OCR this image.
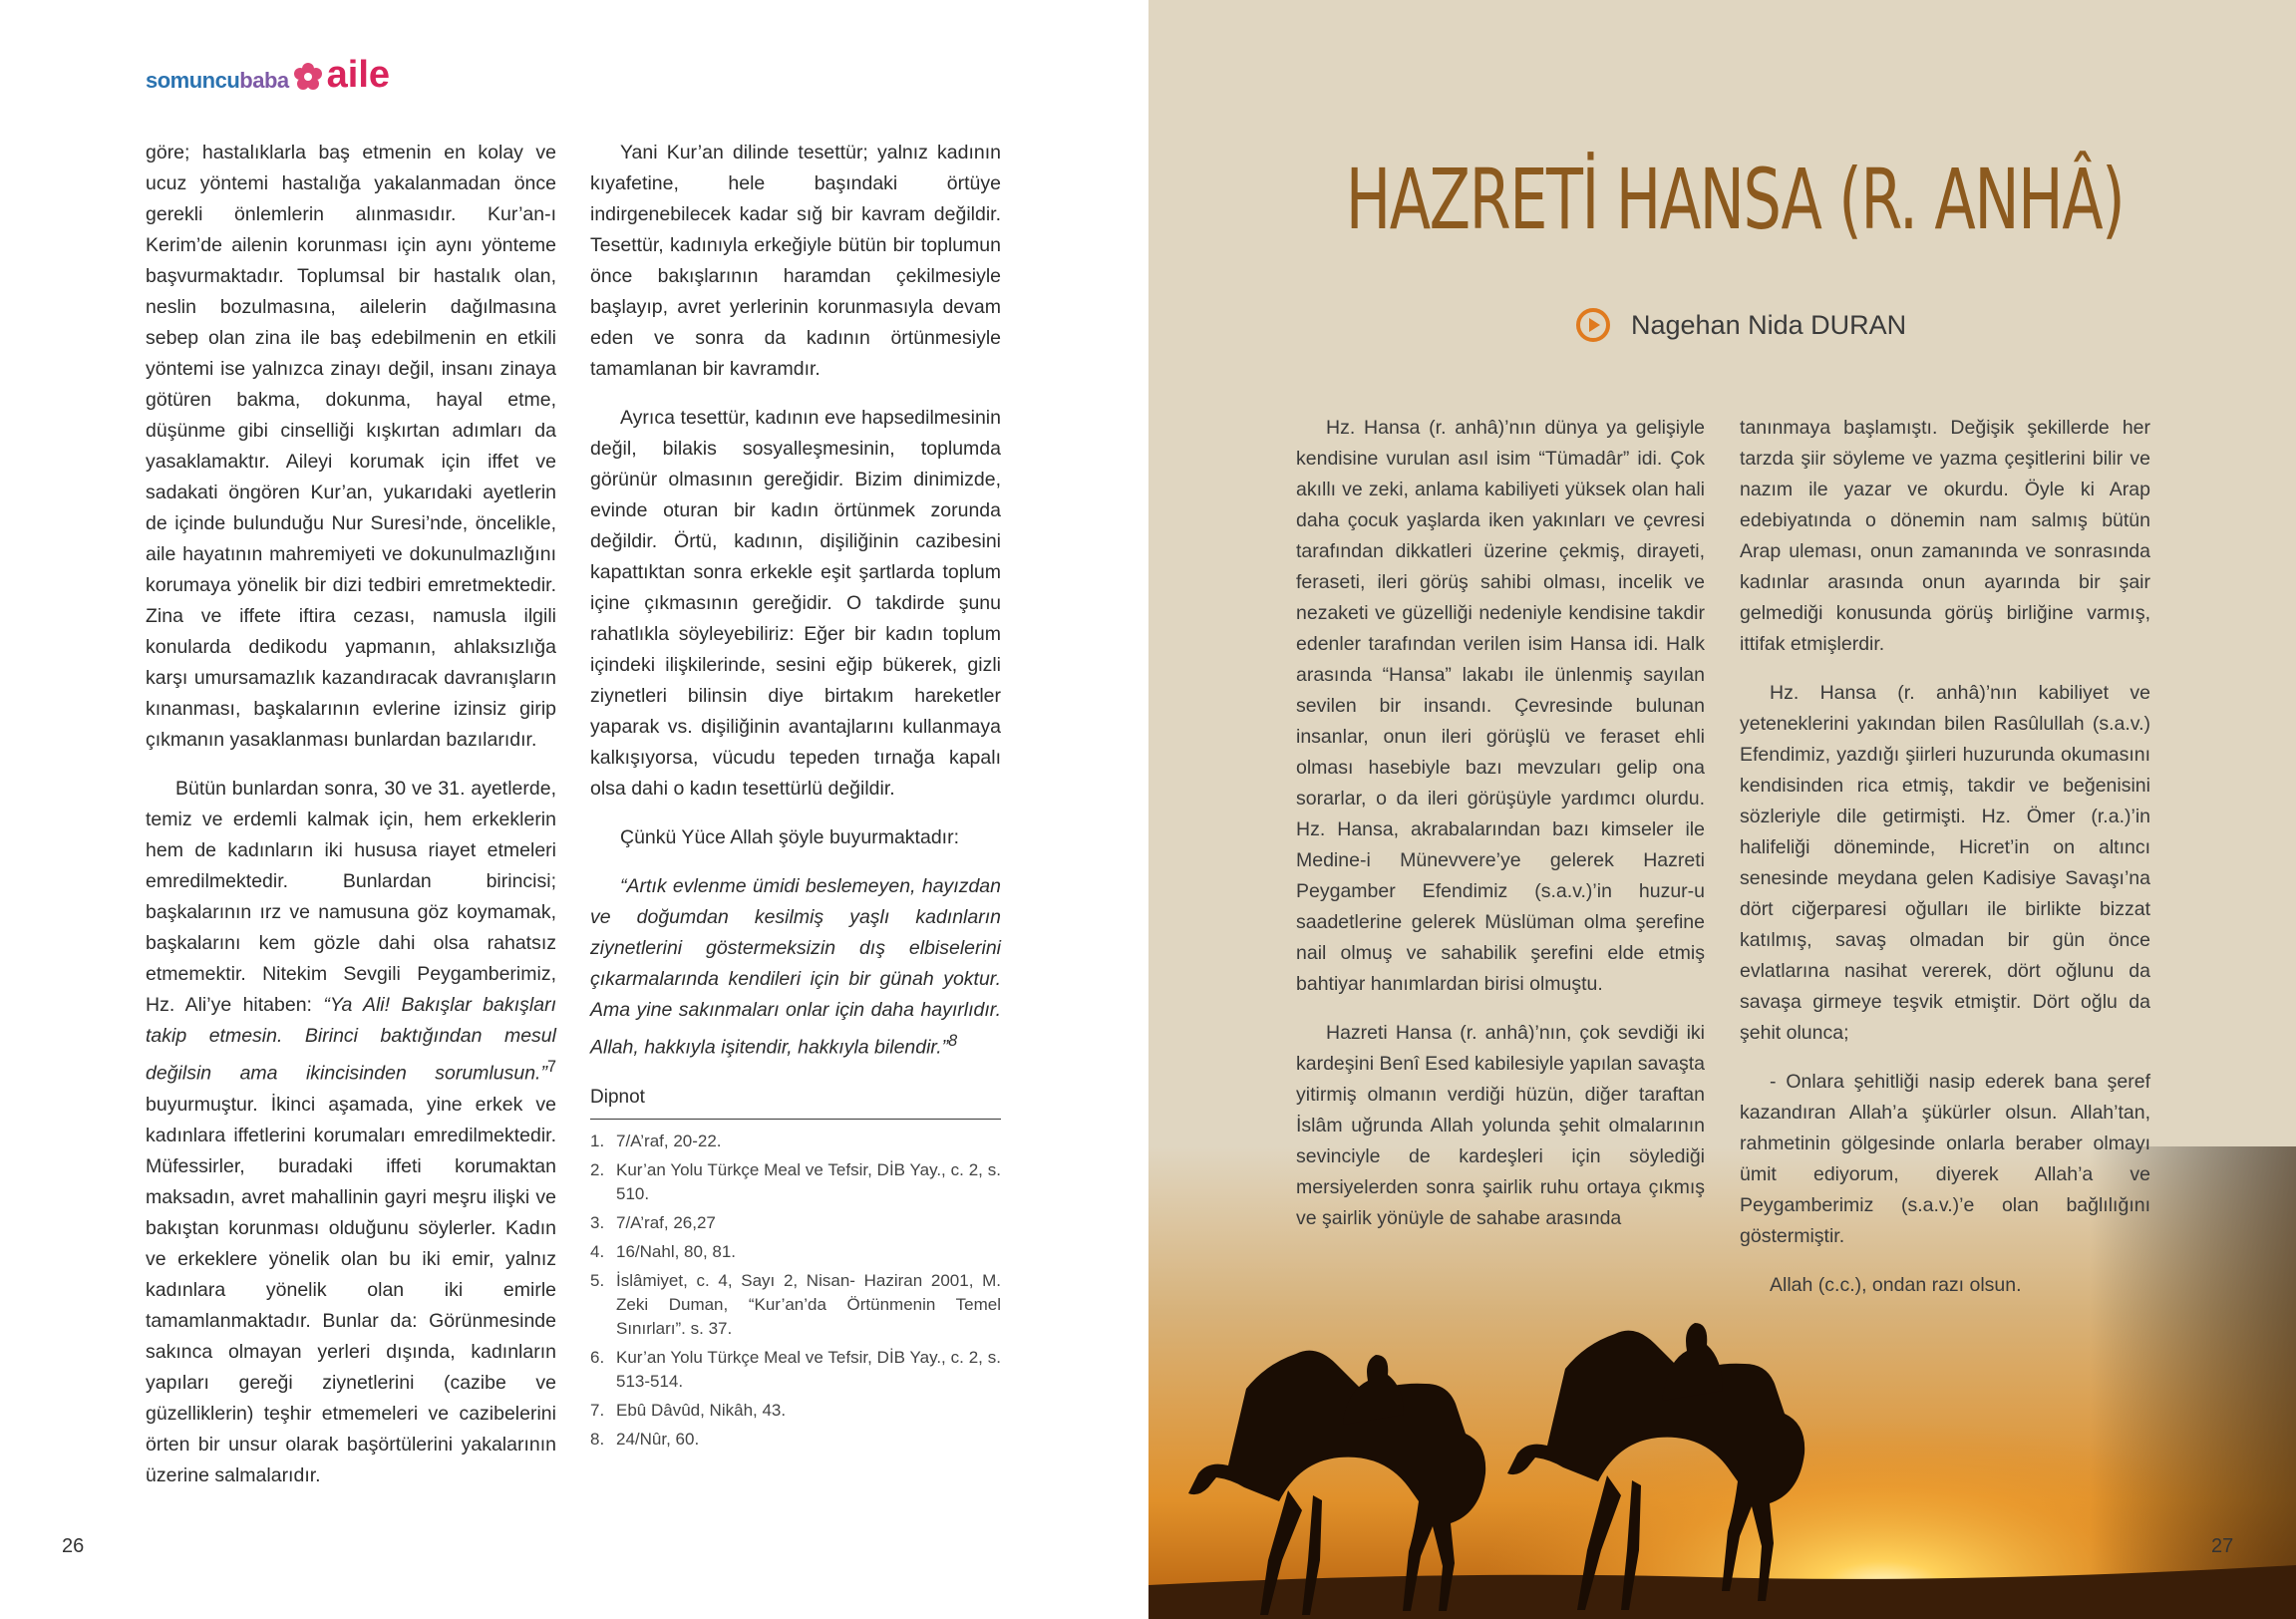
somuncubaba aile

göre; hastalıklarla baş etmenin en kolay ve ucuz yöntemi hastalığa yakalanmadan önce gerekli önlemlerin alınmasıdır. Kur’an-ı Kerim’de ailenin korunması için aynı yönteme başvurmaktadır. Toplumsal bir hastalık olan, neslin bozulmasına, ailelerin dağılmasına sebep olan zina ile baş edebilmenin en etkili yöntemi ise yalnızca zinayı değil, insanı zinaya götüren bakma, dokunma, hayal etme, düşünme gibi cinselliği kışkırtan adımları da yasaklamaktır. Aileyi korumak için iffet ve sadakati öngören Kur’an, yukarıdaki ayetlerin de içinde bulunduğu Nur Suresi’nde, öncelikle, aile hayatının mahremiyeti ve dokunulmazlığını korumaya yönelik bir dizi tedbiri emretmektedir. Zina ve iffete iftira cezası, namusla ilgili konularda dedikodu yapmanın, ahlaksızlığa karşı umursamazlık kazandıracak davranışların kınanması, başkalarının evlerine izinsiz girip çıkmanın yasaklanması bunlardan bazılarıdır.

Bütün bunlardan sonra, 30 ve 31. ayetlerde, temiz ve erdemli kalmak için, hem erkeklerin hem de kadınların iki hususa riayet etmeleri emredilmektedir. Bunlardan birincisi; başkalarının ırz ve namusuna göz koymamak, başkalarını kem gözle dahi olsa rahatsız etmemektir. Nitekim Sevgili Peygamberimiz, Hz. Ali’ye hitaben: “Ya Ali! Bakışlar bakışları takip etmesin. Birinci baktığından mesul değilsin ama ikincisinden sorumlusun.”$^7$ buyurmuştur. İkinci aşamada, yine erkek ve kadınlara iffetlerini korumaları emredilmektedir. Müfessirler, buradaki iffeti korumaktan maksadın, avret mahallinin gayri meşru ilişki ve bakıştan korunması olduğunu söylerler. Kadın ve erkeklere yönelik olan bu iki emir, yalnız kadınlara yönelik olan iki emirle tamamlanmaktadır. Bunlar da: Görünmesinde sakınca olmayan yerleri dışında, kadınların yapıları gereği ziynetlerini (cazibe ve güzelliklerin) teşhir etmemeleri ve cazibelerini örten bir unsur olarak başörtülerini yakalarının üzerine salmalarıdır.

Yani Kur’an dilinde tesettür; yalnız kadının kıyafetine, hele başındaki örtüye indirgenebilecek kadar sığ bir kavram değildir. Tesettür, kadınıyla erkeğiyle bütün bir toplumun önce bakışlarının haramdan çekilmesiyle başlayıp, avret yerlerinin korunmasıyla devam eden ve sonra da kadının örtünmesiyle tamamlanan bir kavramdır.

Ayrıca tesettür, kadının eve hapsedilmesinin değil, bilakis sosyalleşmesinin, toplumda görünür olmasının gereğidir. Bizim dinimizde, evinde oturan bir kadın örtünmek zorunda değildir. Örtü, kadının, dişiliğinin cazibesini kapattıktan sonra erkekle eşit şartlarda toplum içine çıkmasının gereğidir. O takdirde şunu rahatlıkla söyleyebiliriz: Eğer bir kadın toplum içindeki ilişkilerinde, sesini eğip bükerek, gizli ziynetleri bilinsin diye birtakım hareketler yaparak vs. dişiliğinin avantajlarını kullanmaya kalkışıyorsa, vücudu tepeden tırnağa kapalı olsa dahi o kadın tesettürlü değildir.

Çünkü Yüce Allah şöyle buyurmaktadır:

“Artık evlenme ümidi beslemeyen, hayızdan ve doğumdan kesilmiş yaşlı kadınların ziynetlerini göstermeksizin dış elbiselerini çıkarmalarında kendileri için bir günah yoktur. Ama yine sakınmaları onlar için daha hayırlıdır. Allah, hakkıyla işitendir, hakkıyla bilendir.”$^8$

Dipnot
1. 7/A’raf, 20-22.
2. Kur’an Yolu Türkçe Meal ve Tefsir, DİB Yay., c. 2, s. 510.
3. 7/A’raf, 26,27
4. 16/Nahl, 80, 81.
5. İslâmiyet, c. 4, Sayı 2, Nisan- Haziran 2001, M. Zeki Duman, “Kur’an’da Örtünmenin Temel Sınırları”. s. 37.
6. Kur’an Yolu Türkçe Meal ve Tefsir, DİB Yay., c. 2, s. 513-514.
7. Ebû Dâvûd, Nikâh, 43.
8. 24/Nûr, 60.
26	27
HAZRETİ HANSA (R. ANHÂ)
Nagehan Nida DURAN

Hz. Hansa (r. anhâ)’nın dünya ya gelişiyle kendisine vurulan asıl isim “Tümadâr” idi. Çok akıllı ve zeki, anlama kabiliyeti yüksek olan hali daha çocuk yaşlarda iken yakınları ve çevresi tarafından dikkatleri üzerine çekmiş, dirayeti, feraseti, ileri görüş sahibi olması, incelik ve nezaketi ve güzelliği nedeniyle kendisine takdir edenler tarafından verilen isim Hansa idi. Halk arasında “Hansa” lakabı ile ünlenmiş sayılan sevilen bir insandı. Çevresinde bulunan insanlar, onun ileri görüşlü ve feraset ehli olması hasebiyle bazı mevzuları gelip ona sorarlar, o da ileri görüşüyle yardımcı olurdu. Hz. Hansa, akrabalarından bazı kimseler ile Medine-i Münevvere’ye gelerek Hazreti Peygamber Efendimiz (s.a.v.)’in huzur-u saadetlerine gelerek Müslüman olma şerefine nail olmuş ve sahabilik şerefini elde etmiş bahtiyar hanımlardan birisi olmuştu.

Hazreti Hansa (r. anhâ)’nın, çok sevdiği iki kardeşini Benî Esed kabilesiyle yapılan savaşta yitirmiş olmanın verdiği hüzün, diğer taraftan İslâm uğrunda Allah yolunda şehit olmalarının sevinciyle de kardeşleri için söylediği mersiyelerden sonra şairlik ruhu ortaya çıkmış ve şairlik yönüyle de sahabe arasında

tanınmaya başlamıştı. Değişik şekillerde her tarzda şiir söyleme ve yazma çeşitlerini bilir ve nazım ile yazar ve okurdu. Öyle ki Arap edebiyatında o dönemin nam salmış bütün Arap uleması, onun zamanında ve sonrasında kadınlar arasında onun ayarında bir şair gelmediği konusunda görüş birliğine varmış, ittifak etmişlerdir.

Hz. Hansa (r. anhâ)’nın kabiliyet ve yeteneklerini yakından bilen Rasûlullah (s.a.v.) Efendimiz, yazdığı şiirleri huzurunda okumasını kendisinden rica etmiş, takdir ve beğenisini sözleriyle dile getirmişti. Hz. Ömer (r.a.)’in halifeliği döneminde, Hicret’in on altıncı senesinde meydana gelen Kadisiye Savaşı’na dört ciğerparesi oğulları ile birlikte bizzat katılmış, savaş olmadan bir gün önce evlatlarına nasihat vererek, dört oğlunu da savaşa girmeye teşvik etmiştir. Dört oğlu da şehit olunca;

- Onlara şehitliği nasip ederek bana şeref kazandıran Allah’a şükürler olsun. Allah’tan, rahmetinin gölgesinde onlarla beraber olmayı ümit ediyorum, diyerek Allah’a ve Peygamberimiz (s.a.v.)’e olan bağlılığını göstermiştir.

Allah (c.c.), ondan razı olsun.
